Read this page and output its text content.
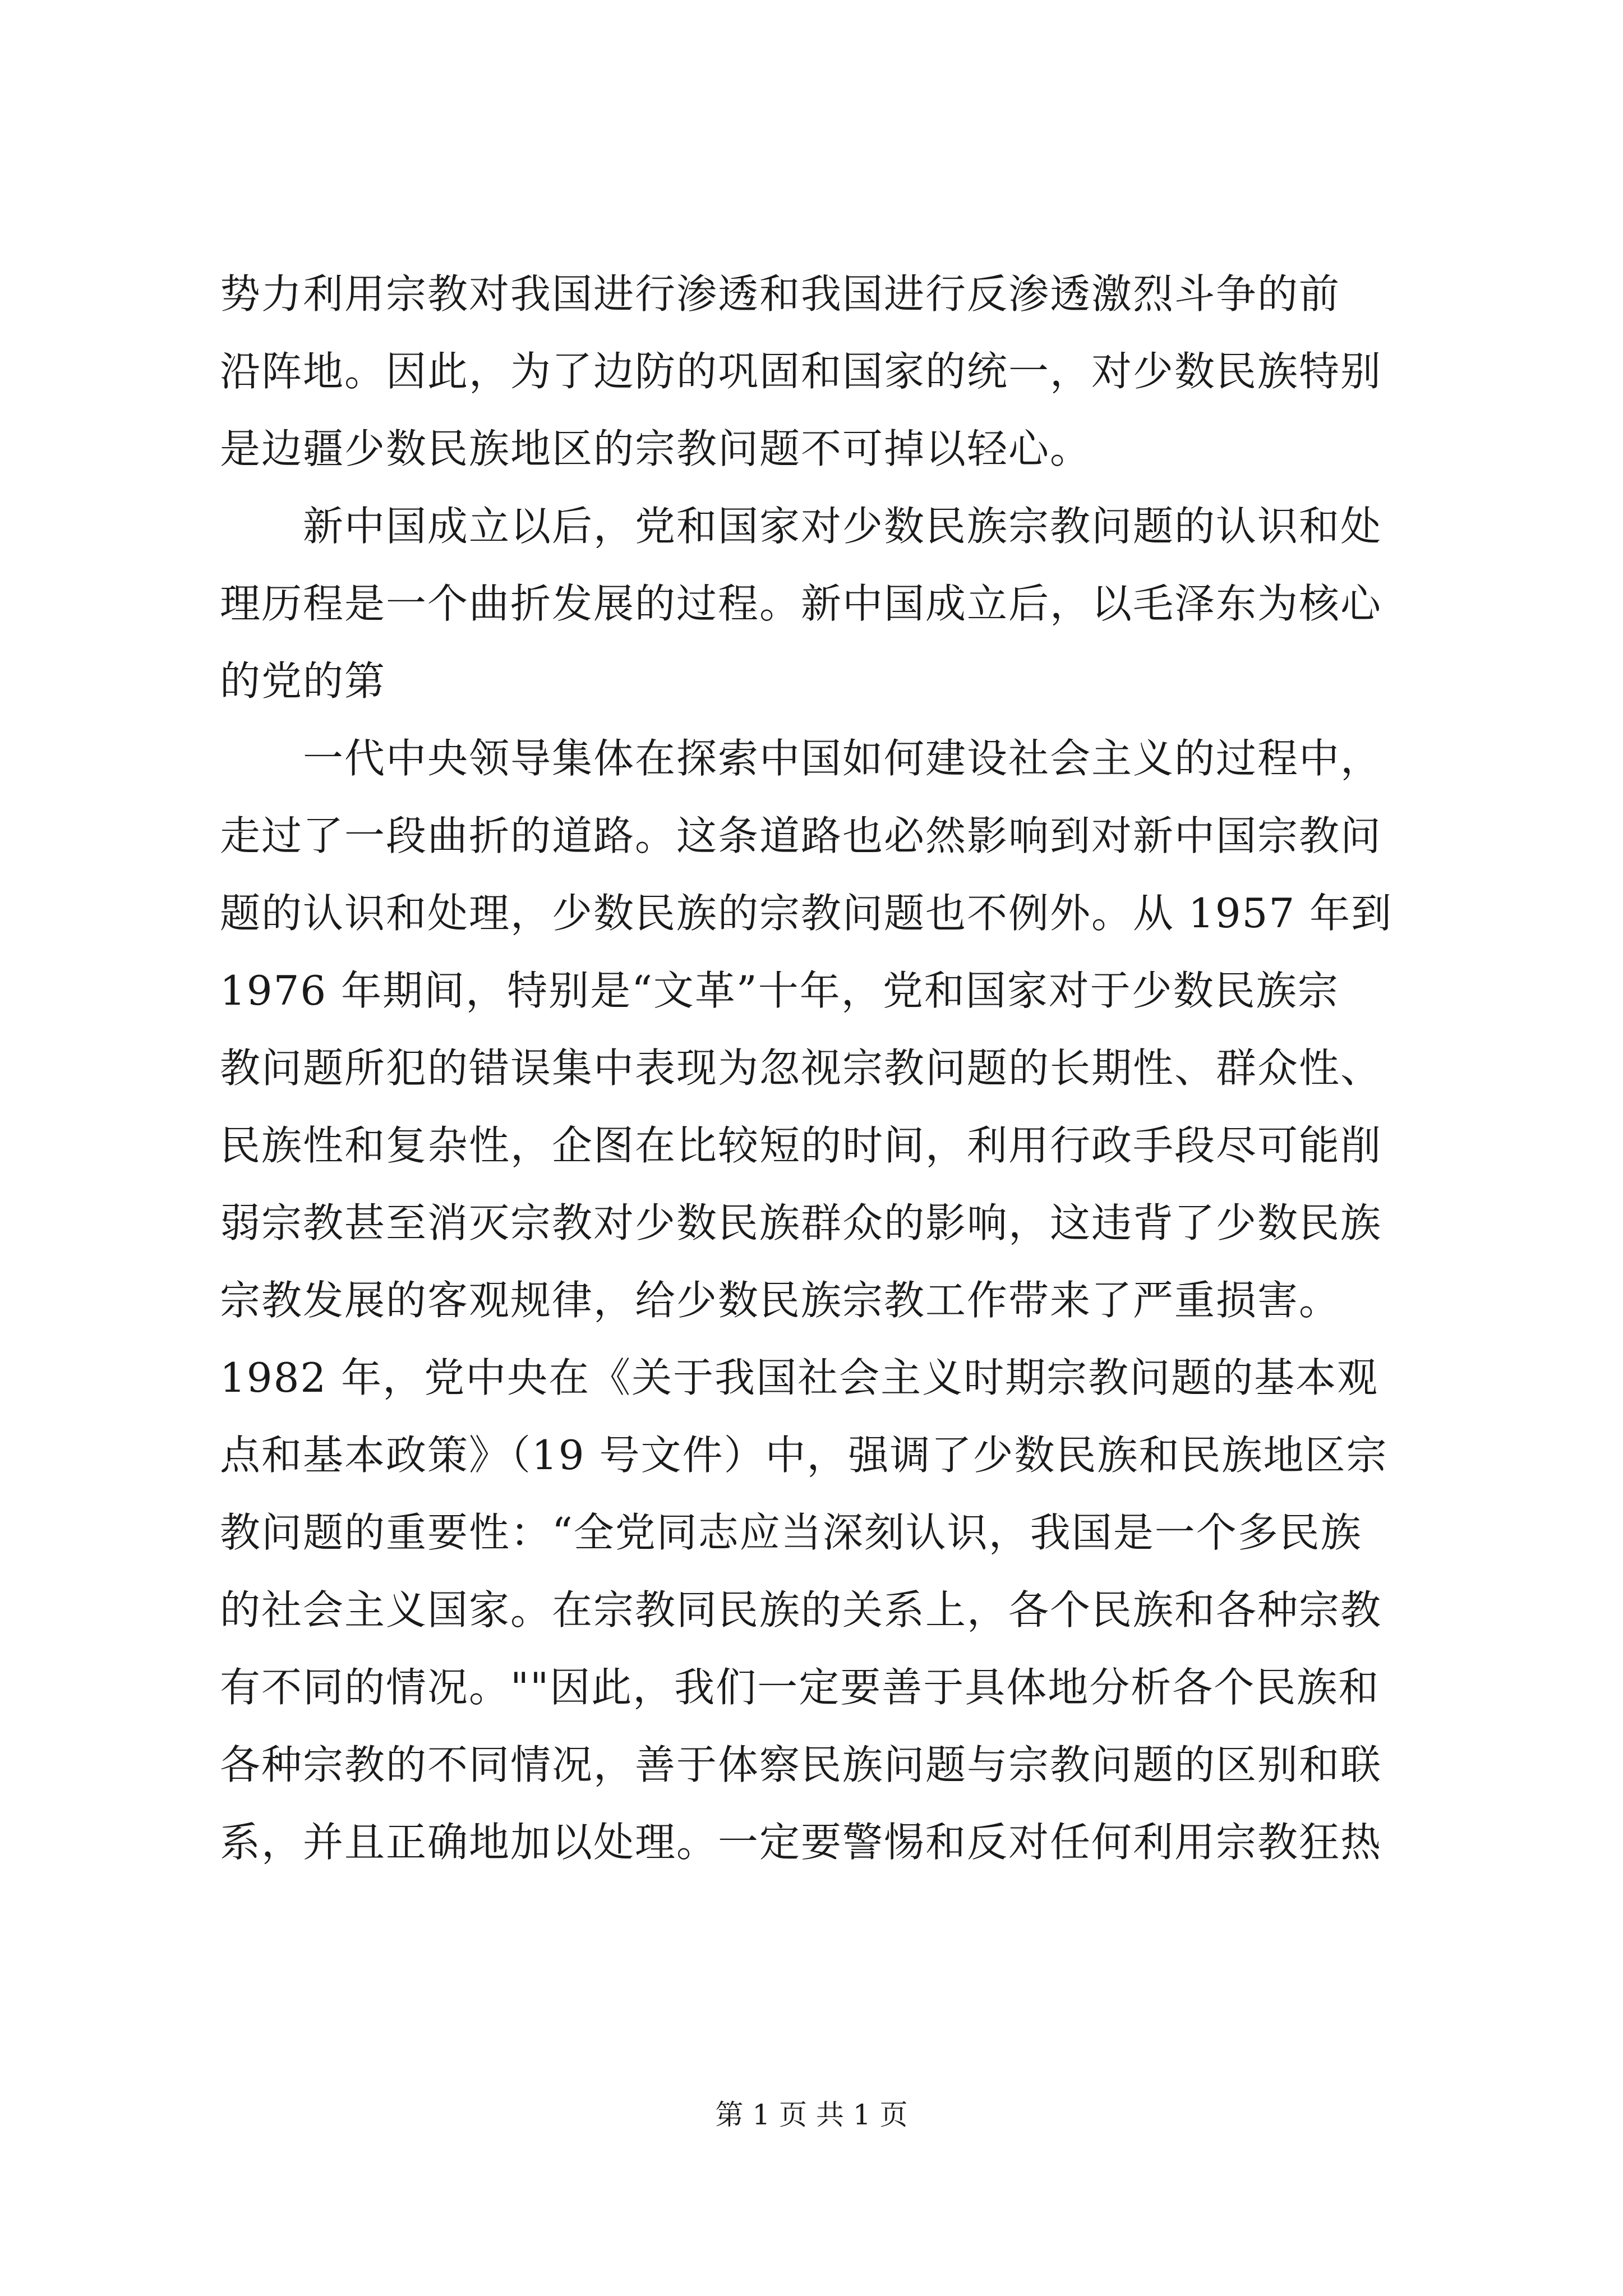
势力利用宗教对我国进行渗透和我国进行反渗透激烈斗争的前
沿阵地。因此，为了边防的巩固和国家的统一，对少数民族特别
是边疆少数民族地区的宗教问题不可掉以轻心。
　　新中国成立以后，党和国家对少数民族宗教问题的认识和处
理历程是一个曲折发展的过程。新中国成立后，以毛泽东为核心
的党的第
　　一代中央领导集体在探索中国如何建设社会主义的过程中，
走过了一段曲折的道路。这条道路也必然影响到对新中国宗教问
题的认识和处理，少数民族的宗教问题也不例外。从 1957 年到
1976 年期间，特别是“文革”十年，党和国家对于少数民族宗
教问题所犯的错误集中表现为忽视宗教问题的长期性、群众性、
民族性和复杂性，企图在比较短的时间，利用行政手段尽可能削
弱宗教甚至消灭宗教对少数民族群众的影响，这违背了少数民族
宗教发展的客观规律，给少数民族宗教工作带来了严重损害。
1982 年，党中央在《关于我国社会主义时期宗教问题的基本观
点和基本政策》（19 号文件）中，强调了少数民族和民族地区宗
教问题的重要性：“全党同志应当深刻认识，我国是一个多民族
的社会主义国家。在宗教同民族的关系上，各个民族和各种宗教
有不同的情况。""因此，我们一定要善于具体地分析各个民族和
各种宗教的不同情况，善于体察民族问题与宗教问题的区别和联
系，并且正确地加以处理。一定要警惕和反对任何利用宗教狂热
第 1 页 共 1 页
